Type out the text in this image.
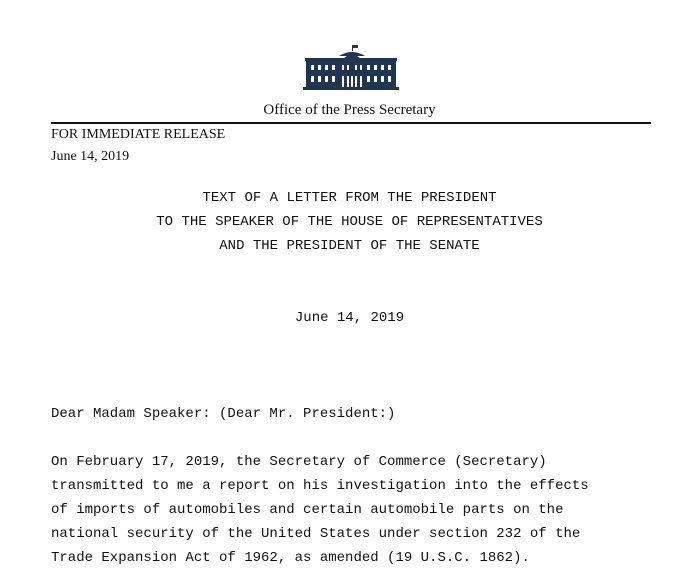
Office of the Press Secretary
FOR IMMEDIATE RELEASE
June 14, 2019
TEXT OF A LETTER FROM THE PRESIDENT
TO THE SPEAKER OF THE HOUSE OF REPRESENTATIVES
AND THE PRESIDENT OF THE SENATE
June 14, 2019
Dear Madam Speaker: (Dear Mr. President:)
On February 17, 2019, the Secretary of Commerce (Secretary)
transmitted to me a report on his investigation into the effects
of imports of automobiles and certain automobile parts on the
national security of the United States under section 232 of the
Trade Expansion Act of 1962, as amended (19 U.S.C. 1862).
